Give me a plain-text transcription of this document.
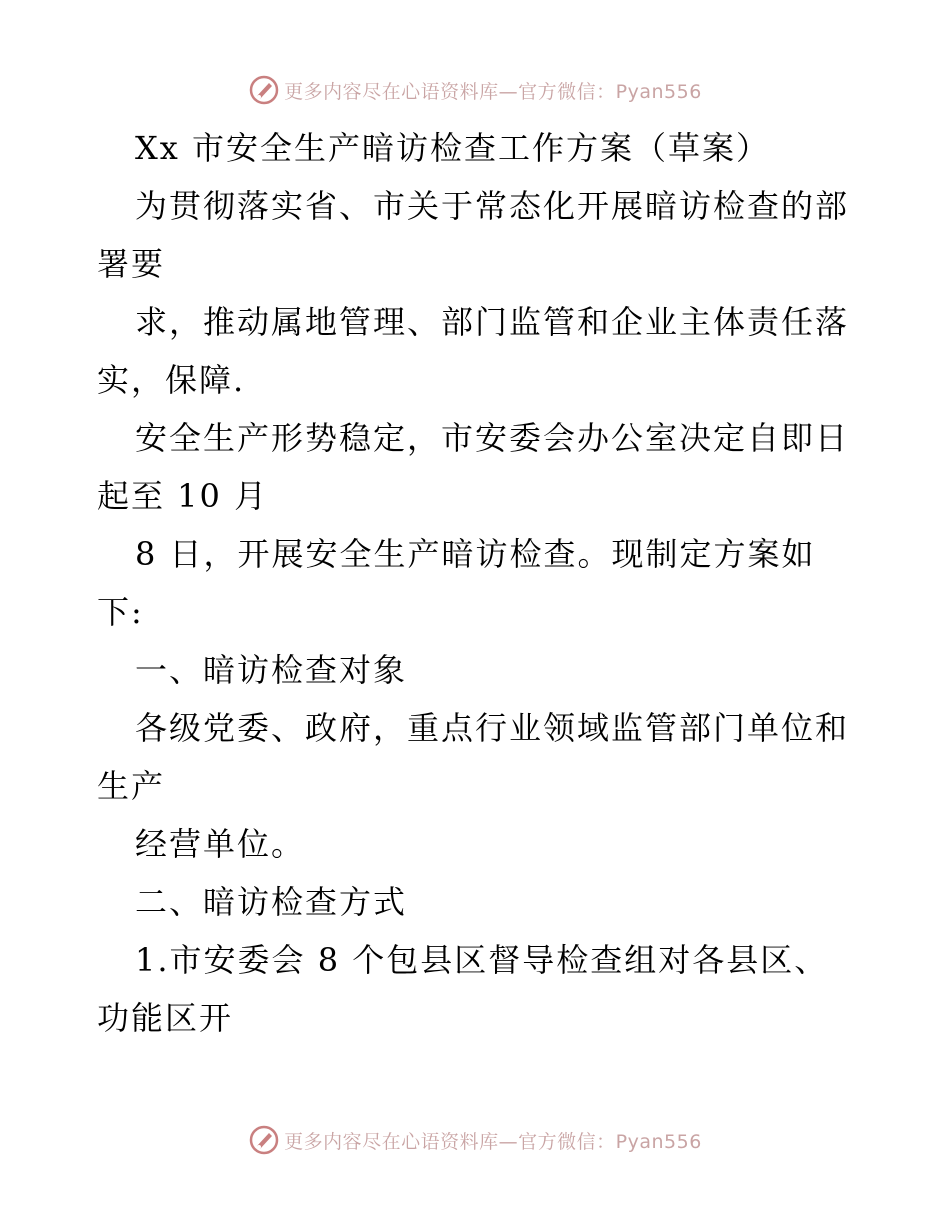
更多内容尽在心语资料库—官方微信：Pyan556
Xx 市安全生产暗访检查工作方案（草案）
为贯彻落实省、市关于常态化开展暗访检查的部
署要
求，推动属地管理、部门监管和企业主体责任落
实，保障.
安全生产形势稳定，市安委会办公室决定自即日
起至 10 月
8 日，开展安全生产暗访检查。现制定方案如
下:
一、暗访检查对象
各级党委、政府，重点行业领域监管部门单位和
生产
经营单位。
二、暗访检查方式
1.市安委会 8 个包县区督导检查组对各县区、
功能区开
更多内容尽在心语资料库—官方微信：Pyan556
